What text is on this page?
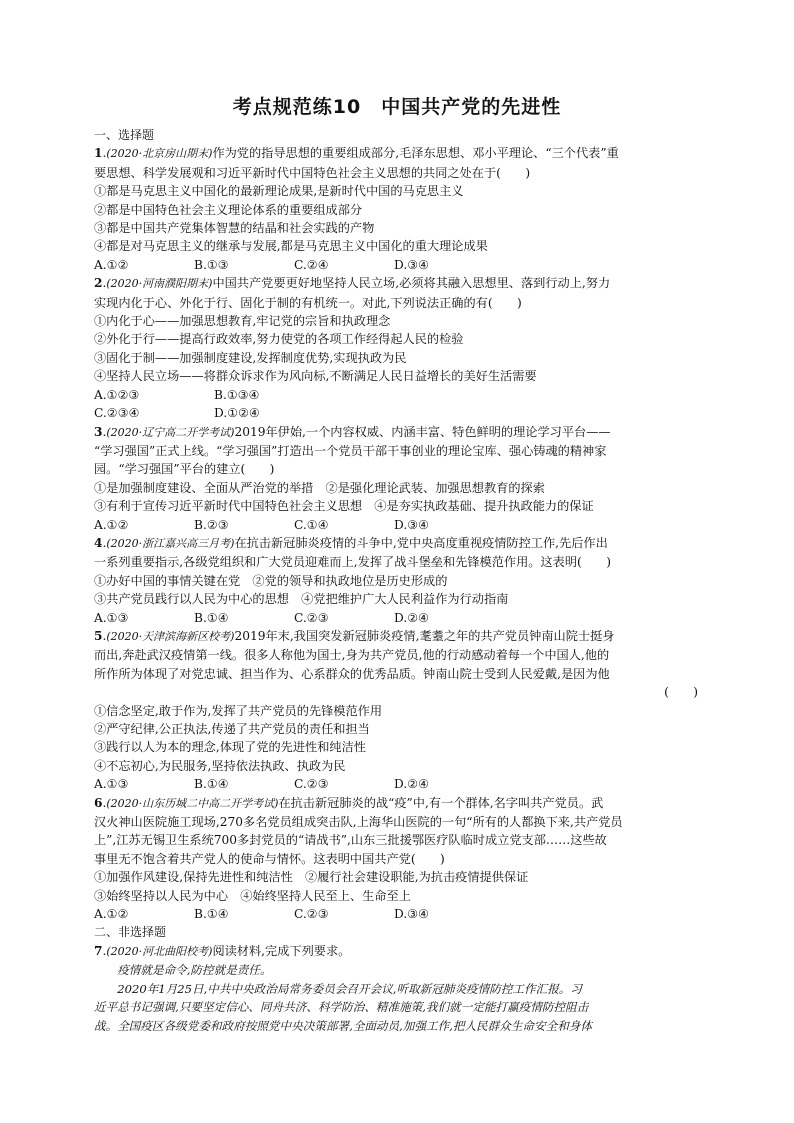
考点规范练10　中国共产党的先进性
一、选择题

1.(2020·北京房山期末)作为党的指导思想的重要组成部分,毛泽东思想、邓小平理论、“三个代表”重

要思想、科学发展观和习近平新时代中国特色社会主义思想的共同之处在于(　　)

①都是马克思主义中国化的最新理论成果,是新时代中国的马克思主义

②都是中国特色社会主义理论体系的重要组成部分

③都是中国共产党集体智慧的结晶和社会实践的产物

④都是对马克思主义的继承与发展,都是马克思主义中国化的重大理论成果

A.①②	B.①③	C.②④	D.③④

2.(2020·河南濮阳期末)中国共产党要更好地坚持人民立场,必须将其融入思想里、落到行动上,努力

实现内化于心、外化于行、固化于制的有机统一。对此,下列说法正确的有(　　)

①内化于心——加强思想教育,牢记党的宗旨和执政理念

②外化于行——提高行政效率,努力使党的各项工作经得起人民的检验

③固化于制——加强制度建设,发挥制度优势,实现执政为民

④坚持人民立场——将群众诉求作为风向标,不断满足人民日益增长的美好生活需要

A.①②③	B.①③④

C.②③④	D.①②④

3.(2020·辽宁高二开学考试)2019年伊始,一个内容权威、内涵丰富、特色鲜明的理论学习平台——

“学习强国”正式上线。“学习强国”打造出一个党员干部干事创业的理论宝库、强心铸魂的精神家

园。“学习强国”平台的建立(　　)

①是加强制度建设、全面从严治党的举措　②是强化理论武装、加强思想教育的探索

③有利于宣传习近平新时代中国特色社会主义思想　④是夯实执政基础、提升执政能力的保证

A.①②	B.②③	C.①④	D.③④

4.(2020·浙江嘉兴高三月考)在抗击新冠肺炎疫情的斗争中,党中央高度重视疫情防控工作,先后作出

一系列重要指示,各级党组织和广大党员迎难而上,发挥了战斗堡垒和先锋模范作用。这表明(　　)

①办好中国的事情关键在党　②党的领导和执政地位是历史形成的

③共产党员践行以人民为中心的思想　④党把维护广大人民利益作为行动指南

A.①③	B.①④	C.②③	D.②④

5.(2020·天津滨海新区校考)2019年末,我国突发新冠肺炎疫情,耄耋之年的共产党员钟南山院士挺身

而出,奔赴武汉疫情第一线。很多人称他为国士,身为共产党员,他的行动感动着每一个中国人,他的

所作所为体现了对党忠诚、担当作为、心系群众的优秀品质。钟南山院士受到人民爱戴,是因为他

(　　)

①信念坚定,敢于作为,发挥了共产党员的先锋模范作用

②严守纪律,公正执法,传递了共产党员的责任和担当

③践行以人为本的理念,体现了党的先进性和纯洁性

④不忘初心,为民服务,坚持依法执政、执政为民

A.①③	B.①④	C.②③	D.②④

6.(2020·山东历城二中高二开学考试)在抗击新冠肺炎的战“疫”中,有一个群体,名字叫共产党员。武

汉火神山医院施工现场,270多名党员组成突击队,上海华山医院的一句“所有的人都换下来,共产党员

上”,江苏无锡卫生系统700多封党员的“请战书”,山东三批援鄂医疗队临时成立党支部……这些故

事里无不饱含着共产党人的使命与情怀。这表明中国共产党(　　)

①加强作风建设,保持先进性和纯洁性　②履行社会建设职能,为抗击疫情提供保证

③始终坚持以人民为中心　④始终坚持人民至上、生命至上

A.①②	B.①④	C.②③	D.③④

二、非选择题

7.(2020·河北曲阳校考)阅读材料,完成下列要求。

疫情就是命令,防控就是责任。

2020年1月25日,中共中央政治局常务委员会召开会议,听取新冠肺炎疫情防控工作汇报。习

近平总书记强调,只要坚定信心、同舟共济、科学防治、精准施策,我们就一定能打赢疫情防控阻击

战。全国疫区各级党委和政府按照党中央决策部署,全面动员,加强工作,把人民群众生命安全和身体
